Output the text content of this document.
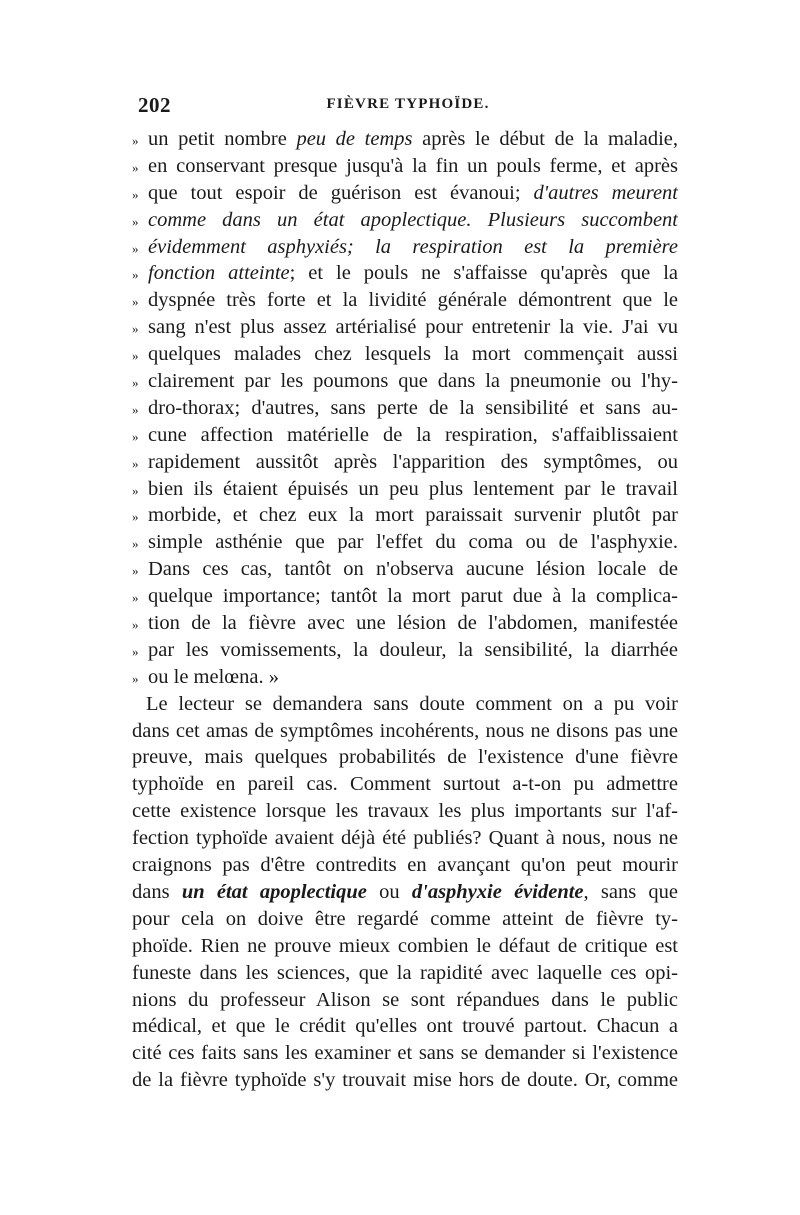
202	FIÈVRE TYPHOÏDE.
» un petit nombre peu de temps après le début de la maladie,
» en conservant presque jusqu'à la fin un pouls ferme, et après
» que tout espoir de guérison est évanoui; d'autres meurent
» comme dans un état apoplectique. Plusieurs succombent
» évidemment asphyxiés; la respiration est la première
» fonction atteinte; et le pouls ne s'affaisse qu'après que la
» dyspnée très forte et la lividité générale démontrent que le
» sang n'est plus assez artérialisé pour entretenir la vie. J'ai vu
» quelques malades chez lesquels la mort commençait aussi
» clairement par les poumons que dans la pneumonie ou l'hy-
» dro-thorax; d'autres, sans perte de la sensibilité et sans au-
» cune affection matérielle de la respiration, s'affaiblissaient
» rapidement aussitôt après l'apparition des symptômes, ou
» bien ils étaient épuisés un peu plus lentement par le travail
» morbide, et chez eux la mort paraissait survenir plutôt par
» simple asthénie que par l'effet du coma ou de l'asphyxie.
» Dans ces cas, tantôt on n'observa aucune lésion locale de
» quelque importance; tantôt la mort parut due à la complica-
» tion de la fièvre avec une lésion de l'abdomen, manifestée
» par les vomissements, la douleur, la sensibilité, la diarrhée
» ou le melœna. »
Le lecteur se demandera sans doute comment on a pu voir
dans cet amas de symptômes incohérents, nous ne disons pas une
preuve, mais quelques probabilités de l'existence d'une fièvre
typhoïde en pareil cas. Comment surtout a-t-on pu admettre
cette existence lorsque les travaux les plus importants sur l'af-
fection typhoïde avaient déjà été publiés? Quant à nous, nous ne
craignons pas d'être contredits en avançant qu'on peut mourir
dans un état apoplectique ou d'asphyxie évidente, sans que
pour cela on doive être regardé comme atteint de fièvre ty-
phoïde. Rien ne prouve mieux combien le défaut de critique est
funeste dans les sciences, que la rapidité avec laquelle ces opi-
nions du professeur Alison se sont répandues dans le public
médical, et que le crédit qu'elles ont trouvé partout. Chacun a
cité ces faits sans les examiner et sans se demander si l'existence
de la fièvre typhoïde s'y trouvait mise hors de doute. Or, comme
